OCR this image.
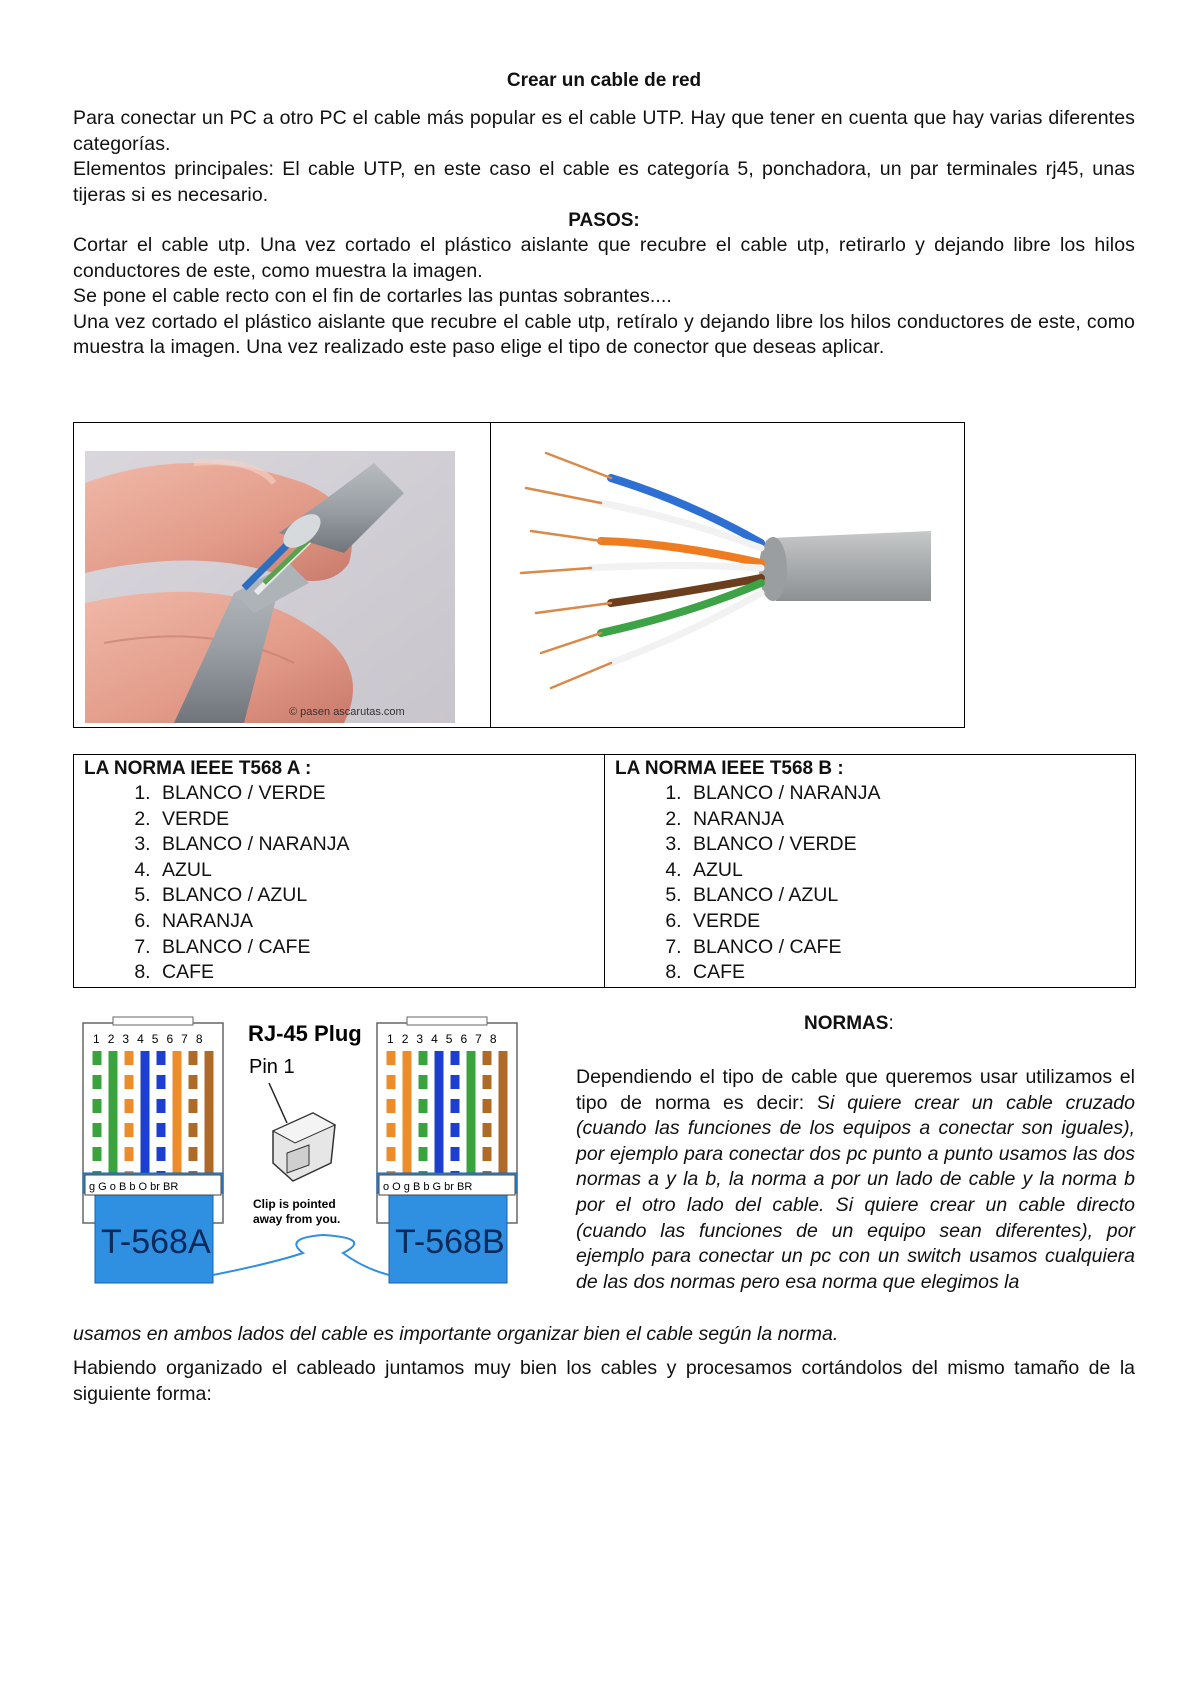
Crear un cable de red

Para conectar un PC a otro PC el cable más popular es el cable UTP. Hay que tener en cuenta que hay varias diferentes categorías.

Elementos principales: El cable UTP, en este caso el cable es categoría 5, ponchadora, un par terminales rj45, unas tijeras si es necesario.

PASOS:

Cortar el cable utp. Una vez cortado el plástico aislante que recubre el cable utp, retirarlo y dejando libre los hilos conductores de este, como muestra la imagen.

Se pone el cable recto con el fin de cortarles las puntas sobrantes....

Una vez cortado el plástico aislante que recubre el cable utp, retíralo y dejando libre los hilos conductores de este, como muestra la imagen. Una vez realizado este paso elige el tipo de conector que deseas aplicar.

© pasen ascarutas.com
LA NORMA IEEE T568 A :
1. BLANCO / VERDE
2. VERDE
3. BLANCO / NARANJA
4. AZUL
5. BLANCO / AZUL
6. NARANJA
7. BLANCO / CAFE
8. CAFE
LA NORMA IEEE T568 B :
1. BLANCO / NARANJA
2. NARANJA
3. BLANCO / VERDE
4. AZUL
5. BLANCO / AZUL
6. VERDE
7. BLANCO / CAFE
8. CAFE
1 2 3 4 5 6 7 8
g G o B b O br BR
T-568A
RJ-45 Plug
Pin 1
Clip is pointed
away from you.
1 2 3 4 5 6 7 8
o O g B b G br BR
T-568B
NORMAS:
Dependiendo el tipo de cable que queremos usar utilizamos el tipo de norma es decir: Si quiere crear un cable cruzado (cuando las funciones de los equipos a conectar son iguales), por ejemplo para conectar dos pc punto a punto usamos las dos normas a y la b, la norma a por un lado de cable y la norma b por el otro lado del cable. Si quiere crear un cable directo (cuando las funciones de un equipo sean diferentes), por ejemplo para conectar un pc con un switch usamos cualquiera de las dos normas pero esa norma que elegimos la
usamos en ambos lados del cable es importante organizar bien el cable según la norma.
Habiendo organizado el cableado juntamos muy bien los cables y procesamos cortándolos del mismo tamaño de la siguiente forma:
